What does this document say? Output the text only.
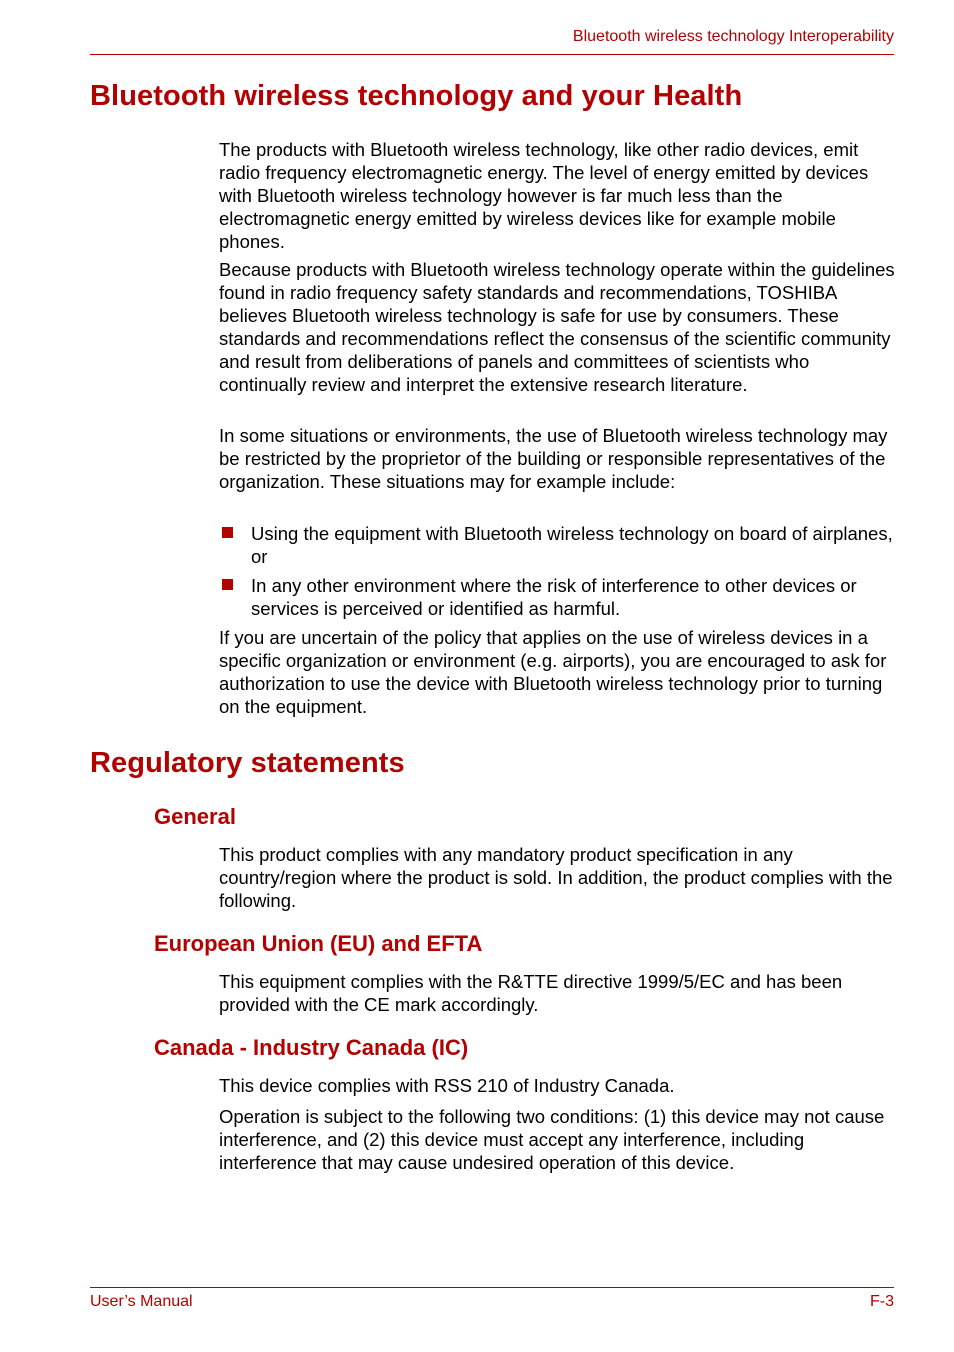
Bluetooth wireless technology Interoperability
Bluetooth wireless technology and your Health

The products with Bluetooth wireless technology, like other radio devices, emit radio frequency electromagnetic energy. The level of energy emitted by devices with Bluetooth wireless technology however is far much less than the electromagnetic energy emitted by wireless devices like for example mobile phones.

Because products with Bluetooth wireless technology operate within the guidelines found in radio frequency safety standards and recommendations, TOSHIBA believes Bluetooth wireless technology is safe for use by consumers. These standards and recommendations reflect the consensus of the scientific community and result from deliberations of panels and committees of scientists who continually review and interpret the extensive research literature.

In some situations or environments, the use of Bluetooth wireless technology may be restricted by the proprietor of the building or responsible representatives of the organization. These situations may for example include:

Using the equipment with Bluetooth wireless technology on board of airplanes, or
In any other environment where the risk of interference to other devices or services is perceived or identified as harmful.

If you are uncertain of the policy that applies on the use of wireless devices in a specific organization or environment (e.g. airports), you are encouraged to ask for authorization to use the device with Bluetooth wireless technology prior to turning on the equipment.

Regulatory statements
General

This product complies with any mandatory product specification in any country/region where the product is sold. In addition, the product complies with the following.

European Union (EU) and EFTA

This equipment complies with the R&TTE directive 1999/5/EC and has been provided with the CE mark accordingly.

Canada - Industry Canada (IC)

This device complies with RSS 210 of Industry Canada.

Operation is subject to the following two conditions: (1) this device may not cause interference, and (2) this device must accept any interference, including interference that may cause undesired operation of this device.

User’s Manual	F-3
